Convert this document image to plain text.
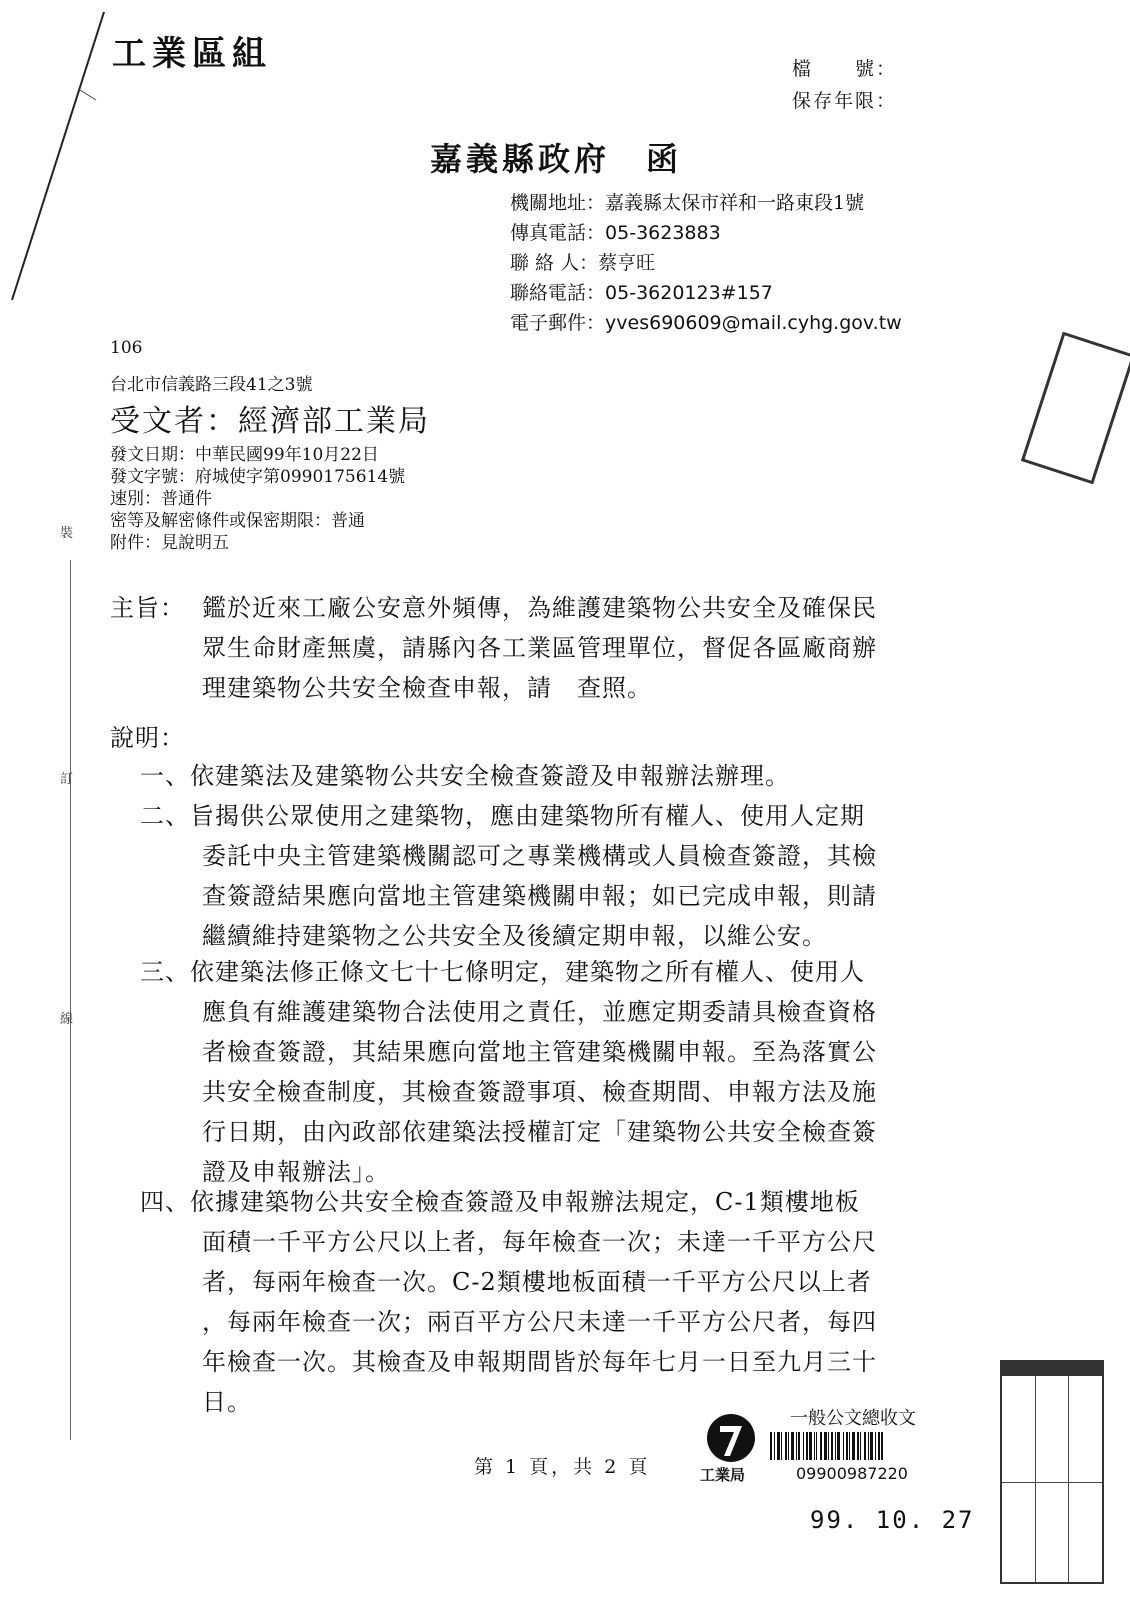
裝
訂
線
工業區組	檔　　號：
保存年限：
嘉義縣政府　函
機關地址：嘉義縣太保市祥和一路東段1號
傳真電話：05-3623883
聯 絡 人：蔡亨旺
聯絡電話：05-3620123#157
電子郵件：yves690609@mail.cyhg.gov.tw
106
台北市信義路三段41之3號
受文者：經濟部工業局
發文日期：中華民國99年10月22日
發文字號：府城使字第0990175614號
速別：普通件
密等及解密條件或保密期限：普通
附件：見說明五
主旨： 鑑於近來工廠公安意外頻傳，為維護建築物公共安全及確保民
眾生命財產無虞，請縣內各工業區管理單位，督促各區廠商辦
理建築物公共安全檢查申報，請　查照。
說明：
一、依建築法及建築物公共安全檢查簽證及申報辦法辦理。
二、旨揭供公眾使用之建築物，應由建築物所有權人、使用人定期
委託中央主管建築機關認可之專業機構或人員檢查簽證，其檢
查簽證結果應向當地主管建築機關申報；如已完成申報，則請
繼續維持建築物之公共安全及後續定期申報，以維公安。
三、依建築法修正條文七十七條明定，建築物之所有權人、使用人
應負有維護建築物合法使用之責任，並應定期委請具檢查資格
者檢查簽證，其結果應向當地主管建築機關申報。至為落實公
共安全檢查制度，其檢查簽證事項、檢查期間、申報方法及施
行日期，由內政部依建築法授權訂定「建築物公共安全檢查簽
證及申報辦法」。
四、依據建築物公共安全檢查簽證及申報辦法規定，C-1類樓地板
面積一千平方公尺以上者，每年檢查一次；未達一千平方公尺
者，每兩年檢查一次。C-2類樓地板面積一千平方公尺以上者
，每兩年檢查一次；兩百平方公尺未達一千平方公尺者，每四
年檢查一次。其檢查及申報期間皆於每年七月一日至九月三十
日。
第 1 頁，共 2 頁	工業局
一般公文總收文
09900987220
99. 10. 27
